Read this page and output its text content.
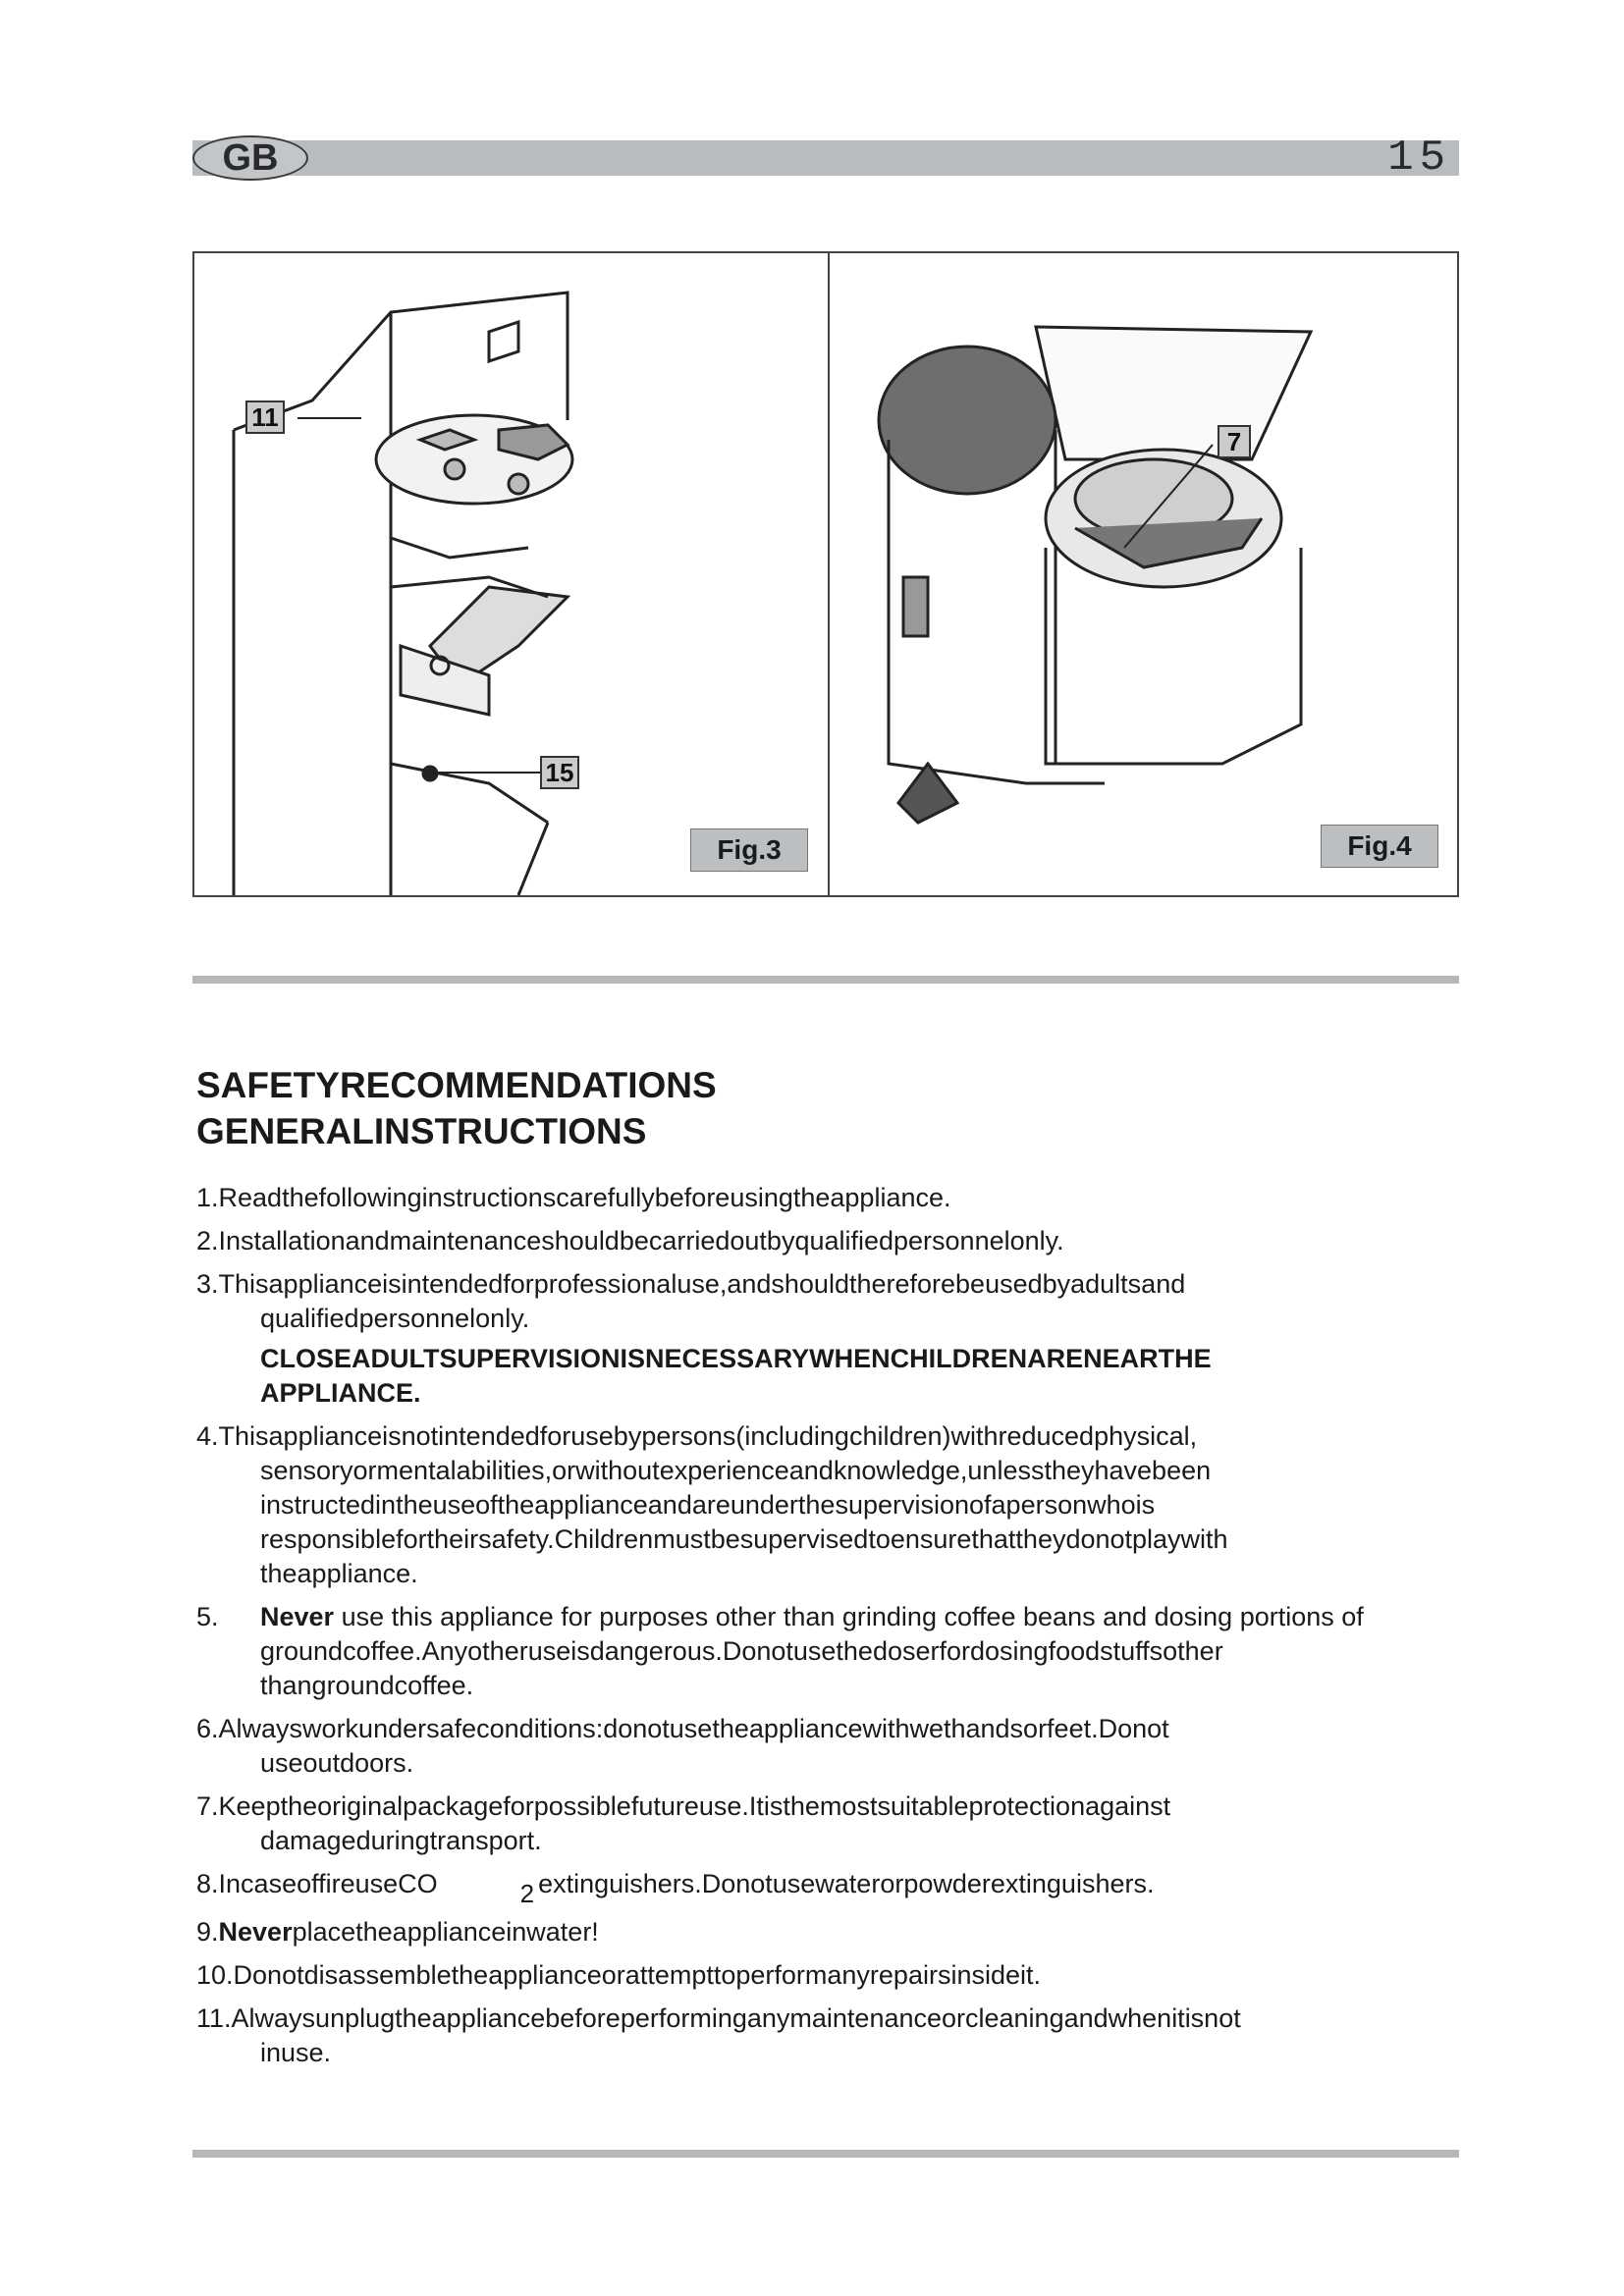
GB	15
11
15
Fig.3
7
Fig.4
SAFETYRECOMMENDATIONS
GENERALINSTRUCTIONS
1.Readthefollowinginstructionscarefullybeforeusingtheappliance.
2.Installationandmaintenanceshouldbecarriedoutbyqualifiedpersonnelonly.
3.Thisapplianceisintendedforprofessionaluse,andshouldthereforebeusedbyadultsand
qualifiedpersonnelonly.
CLOSEADULTSUPERVISIONISNECESSARYWHENCHILDRENARENEARTHE
APPLIANCE.
4.Thisapplianceisnotintendedforusebypersons(includingchildren)withreducedphysical,
sensoryormentalabilities,orwithoutexperienceandknowledge,unlesstheyhavebeen
instructedintheuseoftheapplianceandareunderthesupervisionofapersonwhois
responsiblefortheirsafety.Childrenmustbesupervisedtoensurethattheydonotplaywith
theappliance.
5.	Never use this appliance for purposes other than grinding coffee beans and dosing portions of
groundcoffee.Anyotheruseisdangerous.Donotusethedoserfordosingfoodstuffsother
thangroundcoffee.
6.Alwaysworkundersafeconditions:donotusetheappliancewithwethandsorfeet.Donot
useoutdoors.
7.Keeptheoriginalpackageforpossiblefutureuse.Itisthemostsuitableprotectionagainst
damageduringtransport.
8.IncaseoffireuseCO	2 extinguishers.Donotusewaterorpowderextinguishers.
9.Neverplacetheapplianceinwater!
10.Donotdisassembletheapplianceorattempttoperformanyrepairsinsideit.
11.Alwaysunplugtheappliancebeforeperforminganymaintenanceorcleaningandwhenitisnot
inuse.
